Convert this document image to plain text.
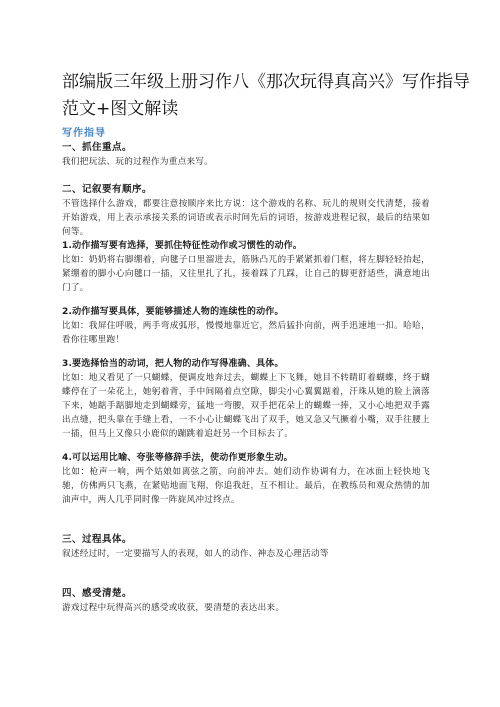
部编版三年级上册习作八《那次玩得真高兴》写作指导范文+图文解读
写作指导
一、抓住重点。
我们把玩法、玩的过程作为重点来写。
二、记叙要有顺序。
不管选择什么游戏，都要注意按顺序来比方说：这个游戏的名称、玩儿的规则交代清楚，接着开始游戏，用上表示承接关系的词语或表示时间先后的词语，按游戏进程记叙，最后的结果如何等。
1.动作描写要有选择，要抓住特征性动作或习惯性的动作。
比如：奶奶将右脚绷着，向毽子口里溜进去，筋脉凸兀的手紧紧抓着门框，将左脚轻轻抬起，紧绷着的脚小心向毽口一插，又往里扎了扎，接着踩了几踩，让自己的脚更舒适些，满意地出门了。
2.动作描写要具体，要能够描述人物的连续性的动作。
比如：我屏住呼吸，两手弯成弧形，慢慢地靠近它，然后猛扑向前，两手迅速地一扣。哈哈，看你往哪里跑！
3.要选择恰当的动词，把人物的动作写得准确、具体。
比如：地又看见了一只蝴蝶，便调皮地奔过去，蝴蝶上下飞舞，她目不转睛盯着蝴蝶，终于蝴蝶停在了一朵花上，她躬着背，手中间隔着点空隙，脚尖小心翼翼踮着，汗珠从她的脸上滴落下来，她踮手踮脚地走到蝴蝶旁，猛地一弯腰，双手把花朵上的蝴蝶一捧，又小心地把双手露出点缝，把头靠在手缝上看，一不小心让蝴蝶飞出了双手，她又急又气撅着小嘴，双手往腰上一插，但马上又像只小鹿似的蹦跳着追赶另一个目标去了。
4.可以运用比喻、夸张等修辞手法，使动作更形象生动。
比如：枪声一响，两个姑娘如离弦之箭，向前冲去。她们动作协调有力，在冰面上轻快地飞驰，仿佛两只飞燕，在紧贴地面飞翔，你追我赶，互不相让。最后，在教练员和观众热情的加油声中，两人几乎同时像一阵旋风冲过终点。
三、过程具体。
叙述经过时，一定要描写人的表现，如人的动作、神态及心理活动等
四、感受清楚。
游戏过程中玩得高兴的感受或收获，要清楚的表达出来。
